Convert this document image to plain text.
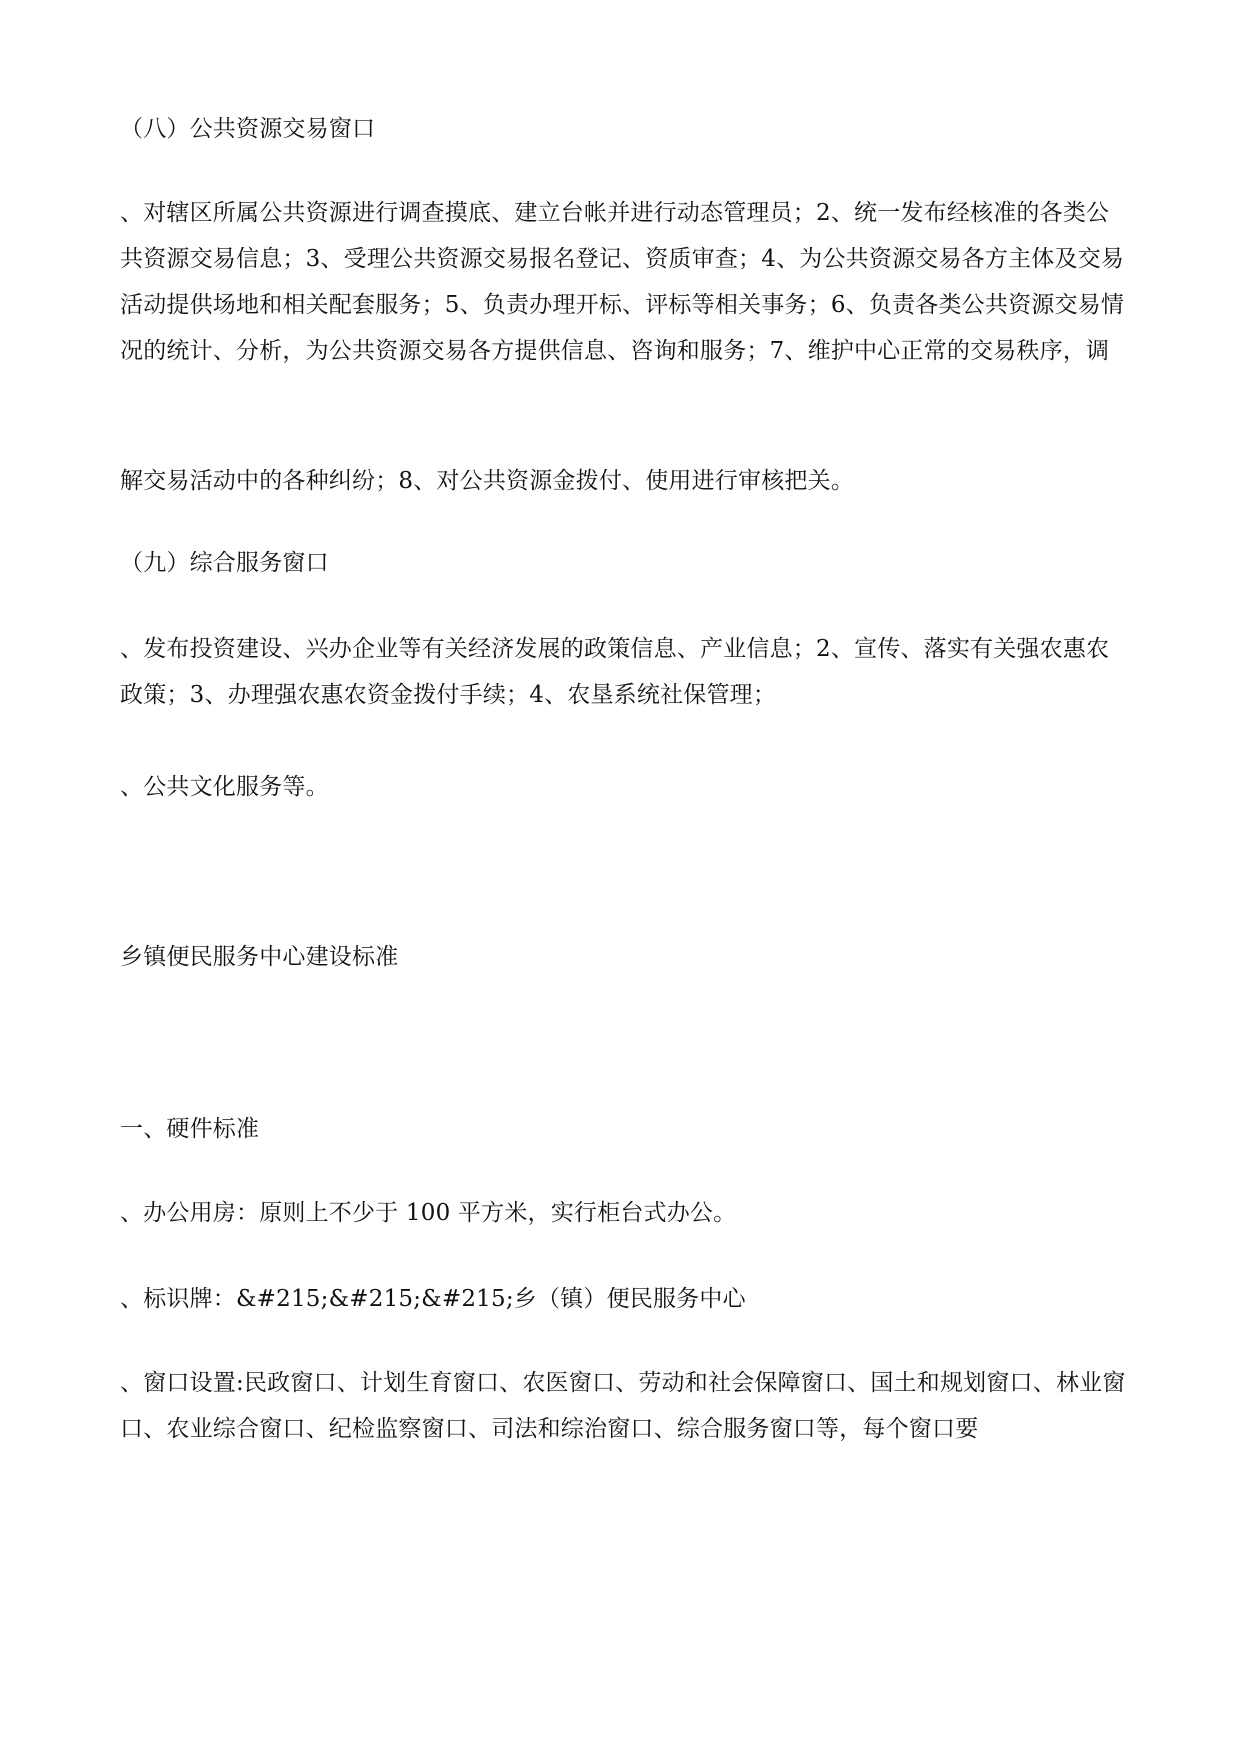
（八）公共资源交易窗口

、对辖区所属公共资源进行调查摸底、建立台帐并进行动态管理员；2、统一发布经核准的各类公共资源交易信息；3、受理公共资源交易报名登记、资质审查；4、为公共资源交易各方主体及交易活动提供场地和相关配套服务；5、负责办理开标、评标等相关事务；6、负责各类公共资源交易情况的统计、分析，为公共资源交易各方提供信息、咨询和服务；7、维护中心正常的交易秩序，调

解交易活动中的各种纠纷；8、对公共资源金拨付、使用进行审核把关。

（九）综合服务窗口

、发布投资建设、兴办企业等有关经济发展的政策信息、产业信息；2、宣传、落实有关强农惠农政策；3、办理强农惠农资金拨付手续；4、农垦系统社保管理；

、公共文化服务等。

乡镇便民服务中心建设标准

一、硬件标准

、办公用房：原则上不少于 100 平方米，实行柜台式办公。

、标识牌：&#215;&#215;&#215;乡（镇）便民服务中心

、窗口设置:民政窗口、计划生育窗口、农医窗口、劳动和社会保障窗口、国土和规划窗口、林业窗口、农业综合窗口、纪检监察窗口、司法和综治窗口、综合服务窗口等，每个窗口要
